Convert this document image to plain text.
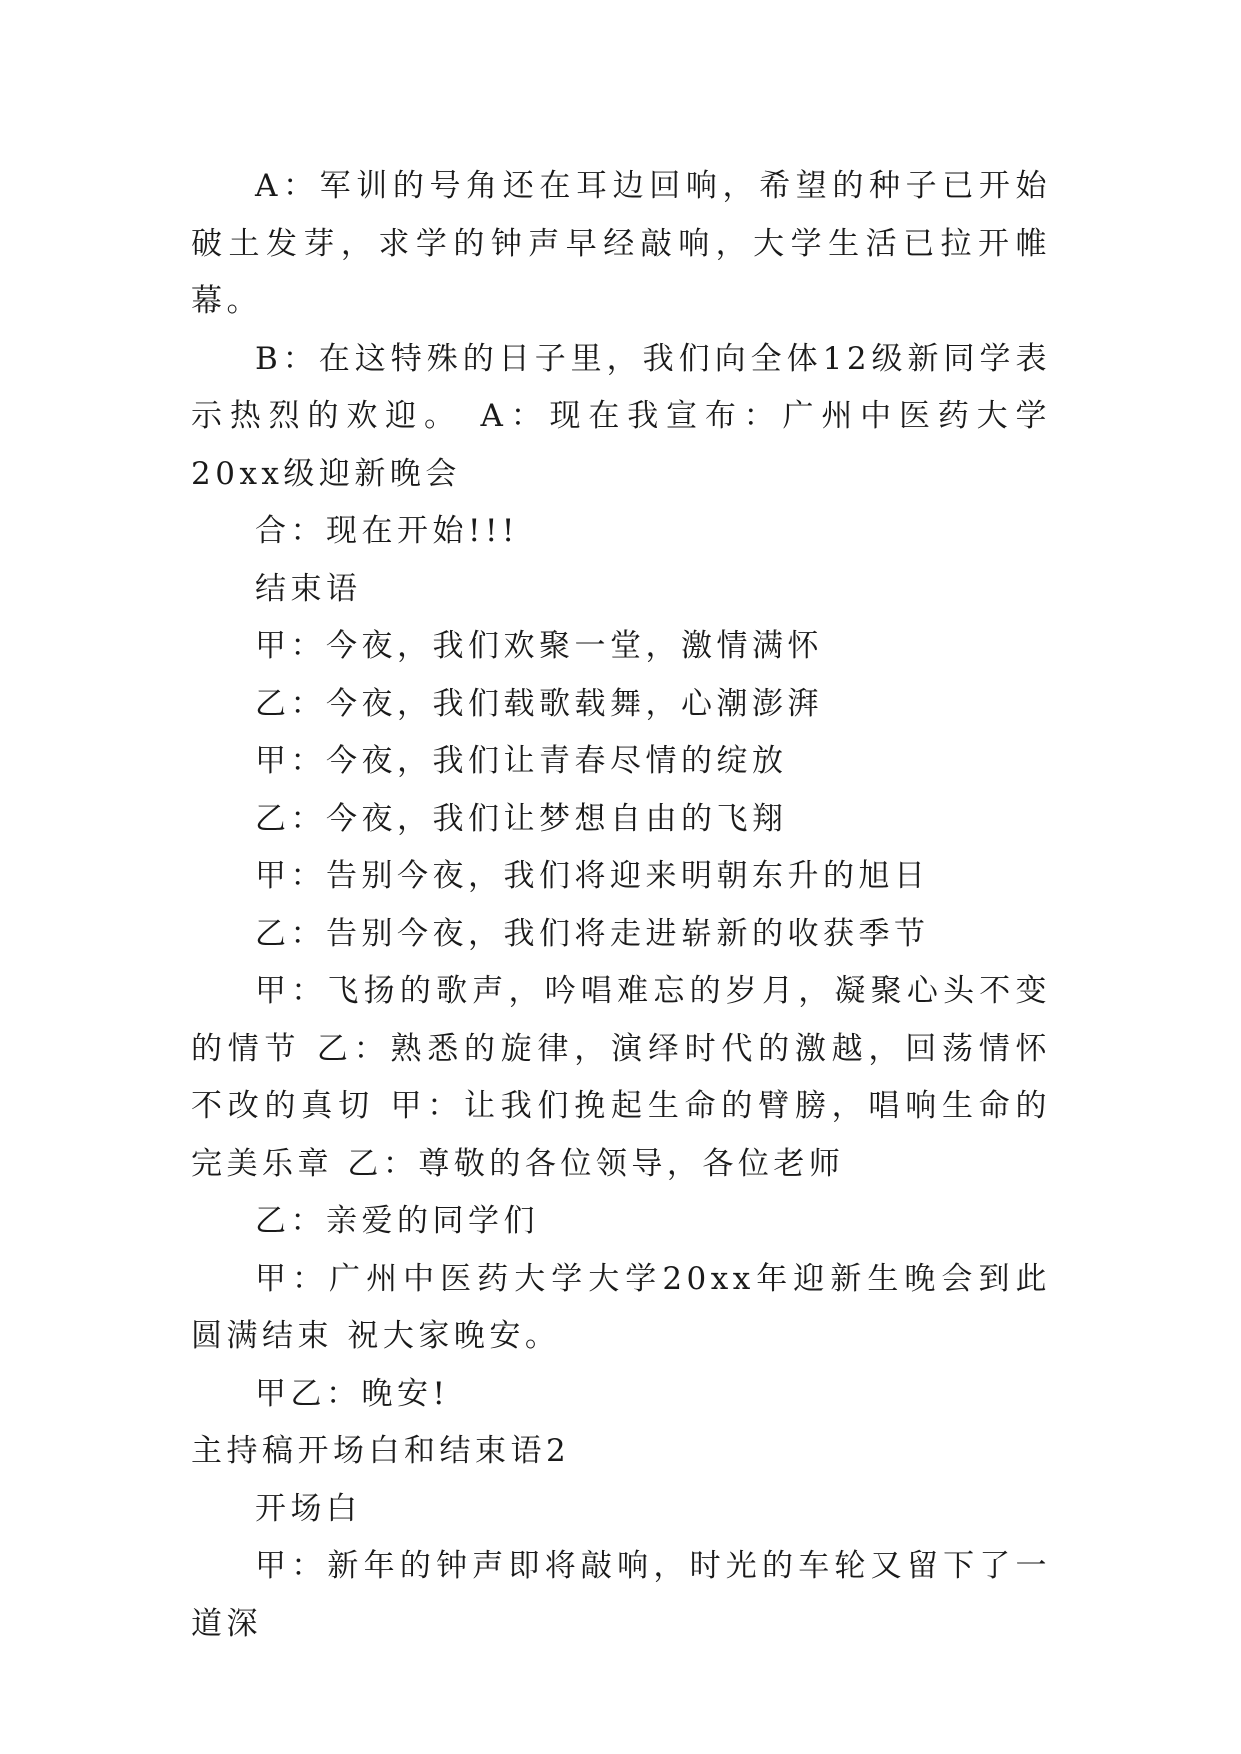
A：军训的号角还在耳边回响，希望的种子已开始破土发芽，求学的钟声早经敲响，大学生活已拉开帷幕。

B：在这特殊的日子里，我们向全体12级新同学表示热烈的欢迎。 A：现在我宣布：广州中医药大学20xx级迎新晚会

合：现在开始!!!

结束语

甲：今夜，我们欢聚一堂，激情满怀

乙：今夜，我们载歌载舞，心潮澎湃

甲：今夜，我们让青春尽情的绽放

乙：今夜，我们让梦想自由的飞翔

甲：告别今夜，我们将迎来明朝东升的旭日

乙：告别今夜，我们将走进崭新的收获季节

甲：飞扬的歌声，吟唱难忘的岁月，凝聚心头不变的情节 乙：熟悉的旋律，演绎时代的激越，回荡情怀不改的真切 甲：让我们挽起生命的臂膀，唱响生命的完美乐章 乙：尊敬的各位领导，各位老师

乙：亲爱的同学们

甲：广州中医药大学大学20xx年迎新生晚会到此圆满结束 祝大家晚安。

甲乙：晚安!

主持稿开场白和结束语2

开场白

甲：新年的钟声即将敲响，时光的车轮又留下了一道深
